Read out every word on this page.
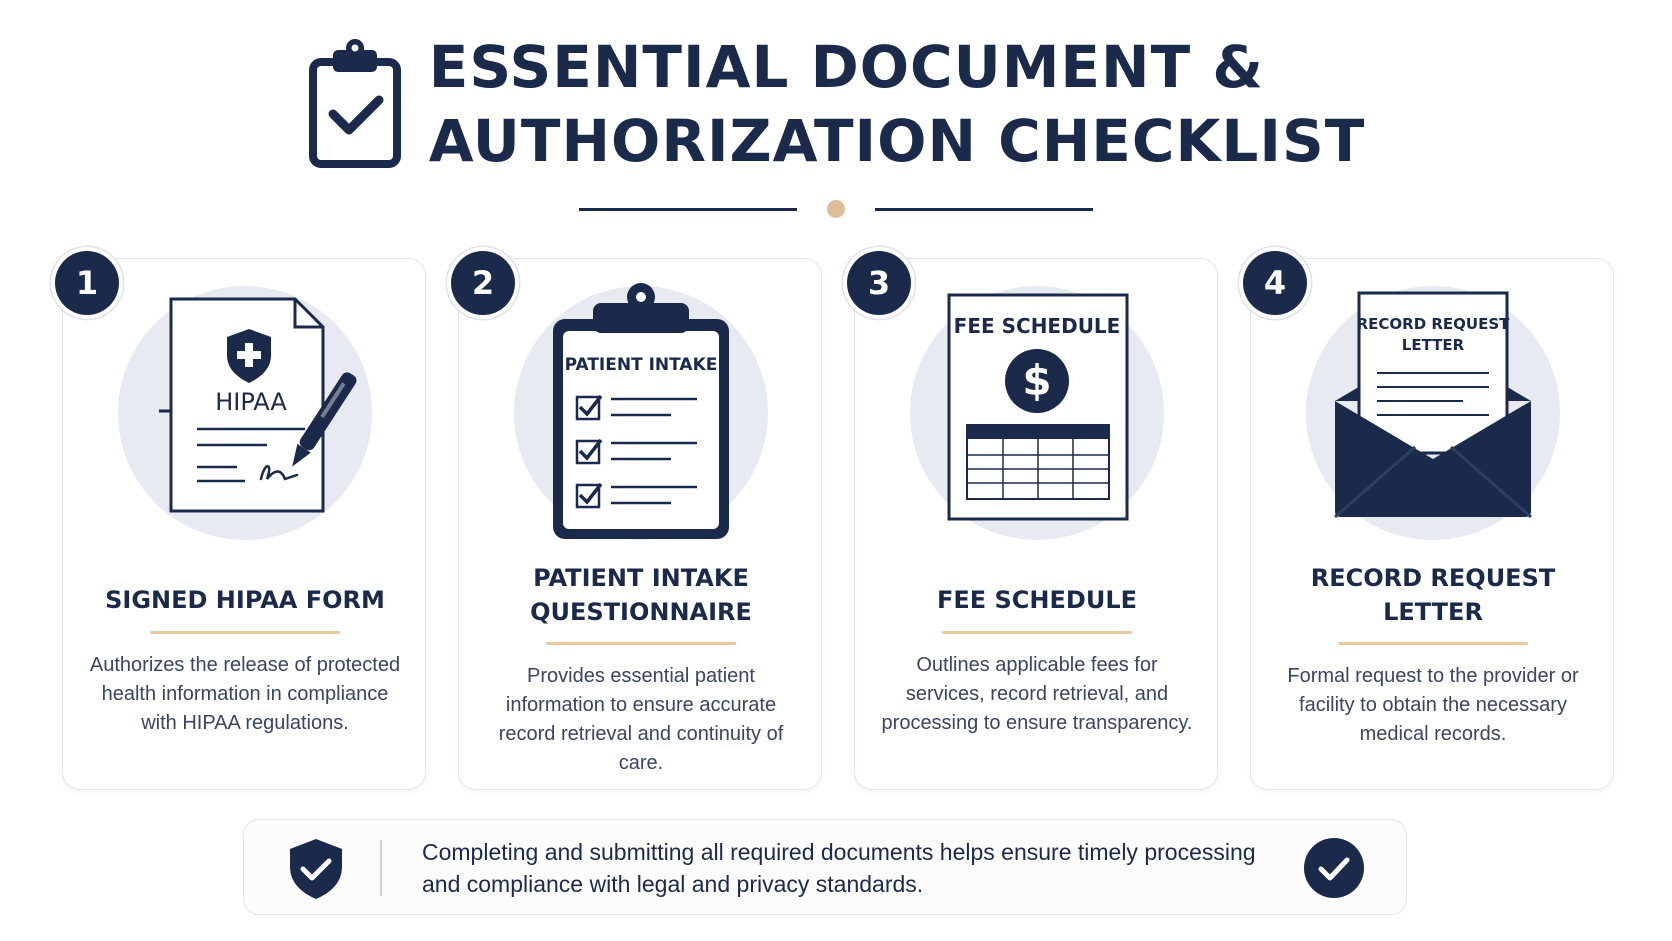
ESSENTIAL DOCUMENT &
AUTHORIZATION CHECKLIST
HIPAA
1
SIGNED HIPAA FORM
Authorizes the release of protected health information in compliance with HIPAA regulations.
PATIENT INTAKE
2
PATIENT INTAKE QUESTIONNAIRE
Provides essential patient information to ensure accurate record retrieval and continuity of care.
FEE SCHEDULE
$
3
FEE SCHEDULE
Outlines applicable fees for services, record retrieval, and processing to ensure transparency.
RECORD REQUEST
LETTER
4
RECORD REQUEST LETTER
Formal request to the provider or facility to obtain the necessary medical records.
Completing and submitting all required documents helps ensure timely processing and compliance with legal and privacy standards.
